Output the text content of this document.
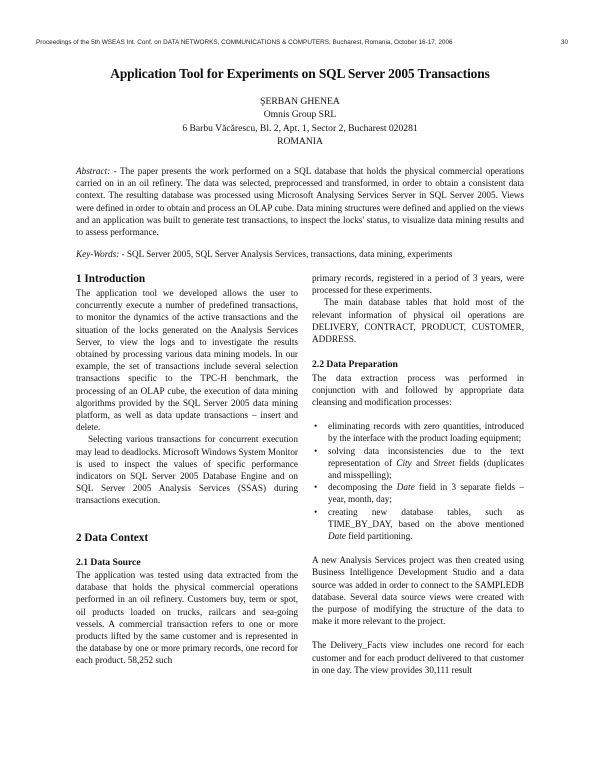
Proceedings of the 5th WSEAS Int. Conf. on DATA NETWORKS, COMMUNICATIONS & COMPUTERS, Bucharest, Romania, October 16-17, 2006	30
Application Tool for Experiments on SQL Server 2005 Transactions
ŞERBAN GHENEA
Omnis Group SRL
6 Barbu Văcărescu, Bl. 2, Apt. 1, Sector 2, Bucharest 020281
ROMANIA
Abstract: - The paper presents the work performed on a SQL database that holds the physical commercial operations carried on in an oil refinery. The data was selected, preprocessed and transformed, in order to obtain a consistent data context. The resulting database was processed using Microsoft Analysing Services Server in SQL Server 2005. Views were defined in order to obtain and process an OLAP cube. Data mining structures were defined and applied on the views and an application was built to generate test transactions, to inspect the locks' status, to visualize data mining results and to assess performance.
Key-Words: - SQL Server 2005, SQL Server Analysis Services, transactions, data mining, experiments
1 Introduction

The application tool we developed allows the user to concurrently execute a number of predefined transactions, to monitor the dynamics of the active transactions and the situation of the locks generated on the Analysis Services Server, to view the logs and to investigate the results obtained by processing various data mining models. In our example, the set of transactions include several selection transactions specific to the TPC-H benchmark, the processing of an OLAP cube, the execution of data mining algorithms provided by the SQL Server 2005 data mining platform, as well as data update transactions – insert and delete.

Selecting various transactions for concurrent execution may lead to deadlocks. Microsoft Windows System Monitor is used to inspect the values of specific performance indicators on SQL Server 2005 Database Engine and on SQL Server 2005 Analysis Services (SSAS) during transactions execution.

2 Data Context
2.1 Data Source

The application was tested using data extracted from the database that holds the physical commercial operations performed in an oil refinery. Customers buy, term or spot, oil products loaded on trucks, railcars and sea-going vessels. A commercial transaction refers to one or more products lifted by the same customer and is represented in the database by one or more primary records, one record for each product. 58,252 such

primary records, registered in a period of 3 years, were processed for these experiments.

The main database tables that hold most of the relevant information of physical oil operations are DELIVERY, CONTRACT, PRODUCT, CUSTOMER, ADDRESS.

2.2 Data Preparation

The data extraction process was performed in conjunction with and followed by appropriate data cleansing and modification processes:

• eliminating records with zero quantities, introduced by the interface with the product loading equipment;
• solving data inconsistencies due to the text representation of City and Street fields (duplicates and misspelling);
• decomposing the Date field in 3 separate fields – year, month, day;
• creating new database tables, such as TIME_BY_DAY, based on the above mentioned Date field partitioning.

A new Analysis Services project was then created using Business Intelligence Development Studio and a data source was added in order to connect to the SAMPLEDB database. Several data source views were created with the purpose of modifying the structure of the data to make it more relevant to the project.

The Delivery_Facts view includes one record for each customer and for each product delivered to that customer in one day. The view provides 30,111 result
